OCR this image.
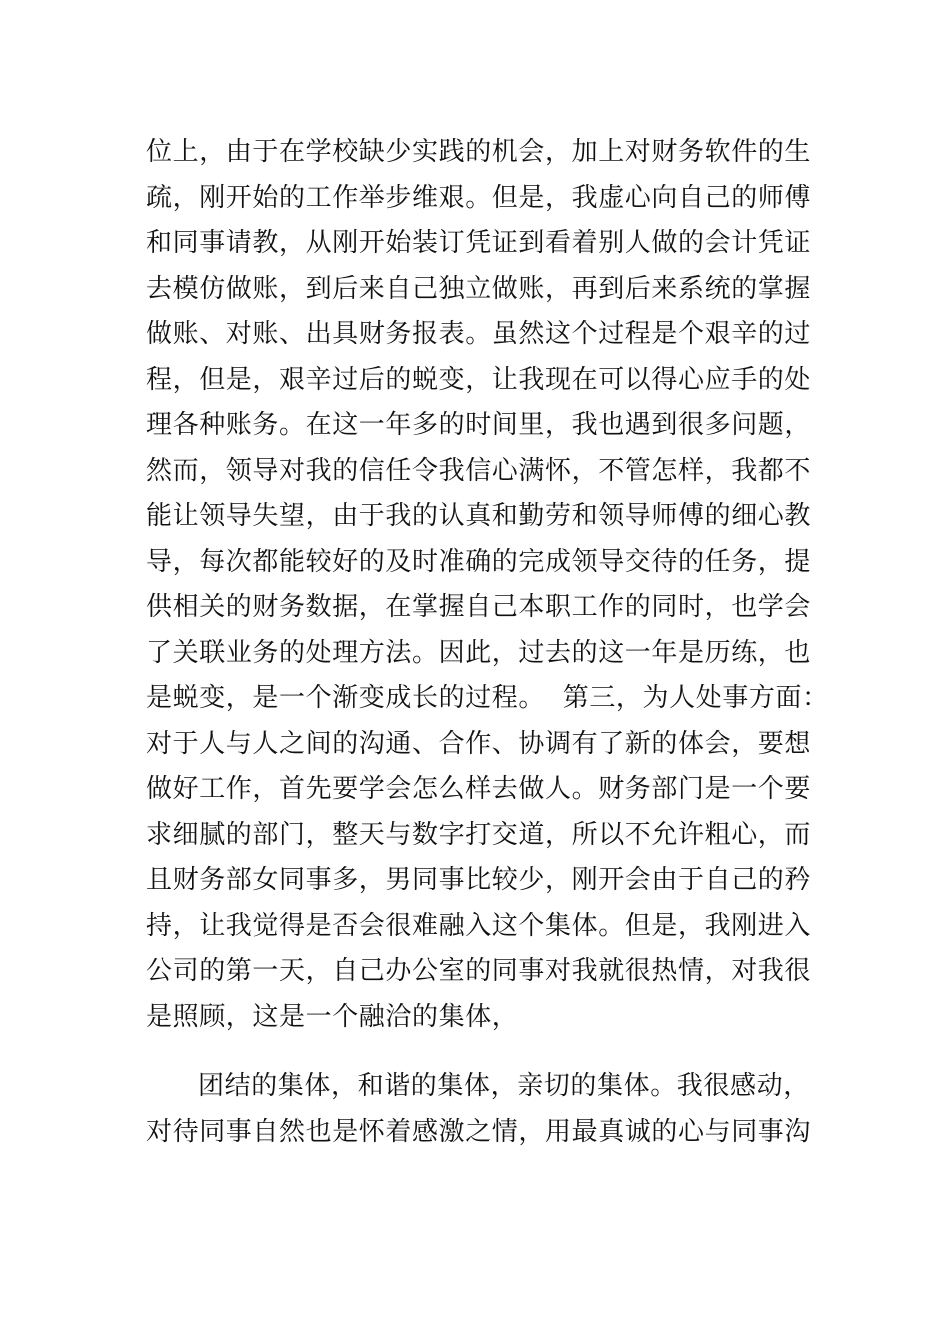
位上，由于在学校缺少实践的机会，加上对财务软件的生
疏，刚开始的工作举步维艰。但是，我虚心向自己的师傅
和同事请教，从刚开始装订凭证到看着别人做的会计凭证
去模仿做账，到后来自己独立做账，再到后来系统的掌握
做账、对账、出具财务报表。虽然这个过程是个艰辛的过
程，但是，艰辛过后的蜕变，让我现在可以得心应手的处
理各种账务。在这一年多的时间里，我也遇到很多问题，
然而，领导对我的信任令我信心满怀，不管怎样，我都不
能让领导失望，由于我的认真和勤劳和领导师傅的细心教
导，每次都能较好的及时准确的完成领导交待的任务，提
供相关的财务数据，在掌握自己本职工作的同时，也学会
了关联业务的处理方法。因此，过去的这一年是历练，也
是蜕变，是一个渐变成长的过程。  第三，为人处事方面：
对于人与人之间的沟通、合作、协调有了新的体会，要想
做好工作，首先要学会怎么样去做人。财务部门是一个要
求细腻的部门，整天与数字打交道，所以不允许粗心，而
且财务部女同事多，男同事比较少，刚开会由于自己的矜
持，让我觉得是否会很难融入这个集体。但是，我刚进入
公司的第一天，自己办公室的同事对我就很热情，对我很
是照顾，这是一个融洽的集体，
团结的集体，和谐的集体，亲切的集体。我很感动，
对待同事自然也是怀着感激之情，用最真诚的心与同事沟
